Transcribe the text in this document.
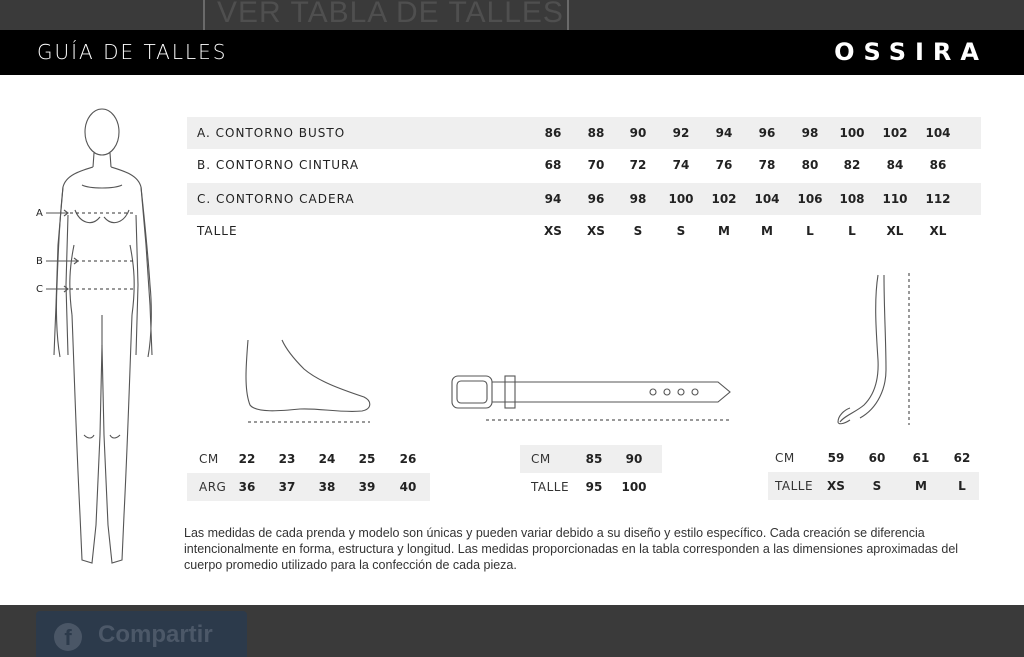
VER TABLA DE TALLES
GUÍA DE TALLES	OSSIRA
A
B
C
A. CONTORNO BUSTO	86	88	90	92	94	96	98	100	102	104
B. CONTORNO CINTURA	68	70	72	74	76	78	80	82	84	86
C. CONTORNO CADERA	94	96	98	100	102	104	106	108	110	112
TALLE	XS	XS	S	S	M	M	L	L	XL	XL
CM	22	23	24	25	26
ARG	36	37	38	39	40
CM	85	90
TALLE	95	100
CM	59	60	61	62
TALLE	XS	S	M	L
Las medidas de cada prenda y modelo son únicas y pueden variar debido a su diseño y estilo específico. Cada creación se diferencia intencionalmente en forma, estructura y longitud. Las medidas proporcionadas en la tabla corresponden a las dimensiones aproximadas del cuerpo promedio utilizado para la confección de cada pieza.
f	Compartir
